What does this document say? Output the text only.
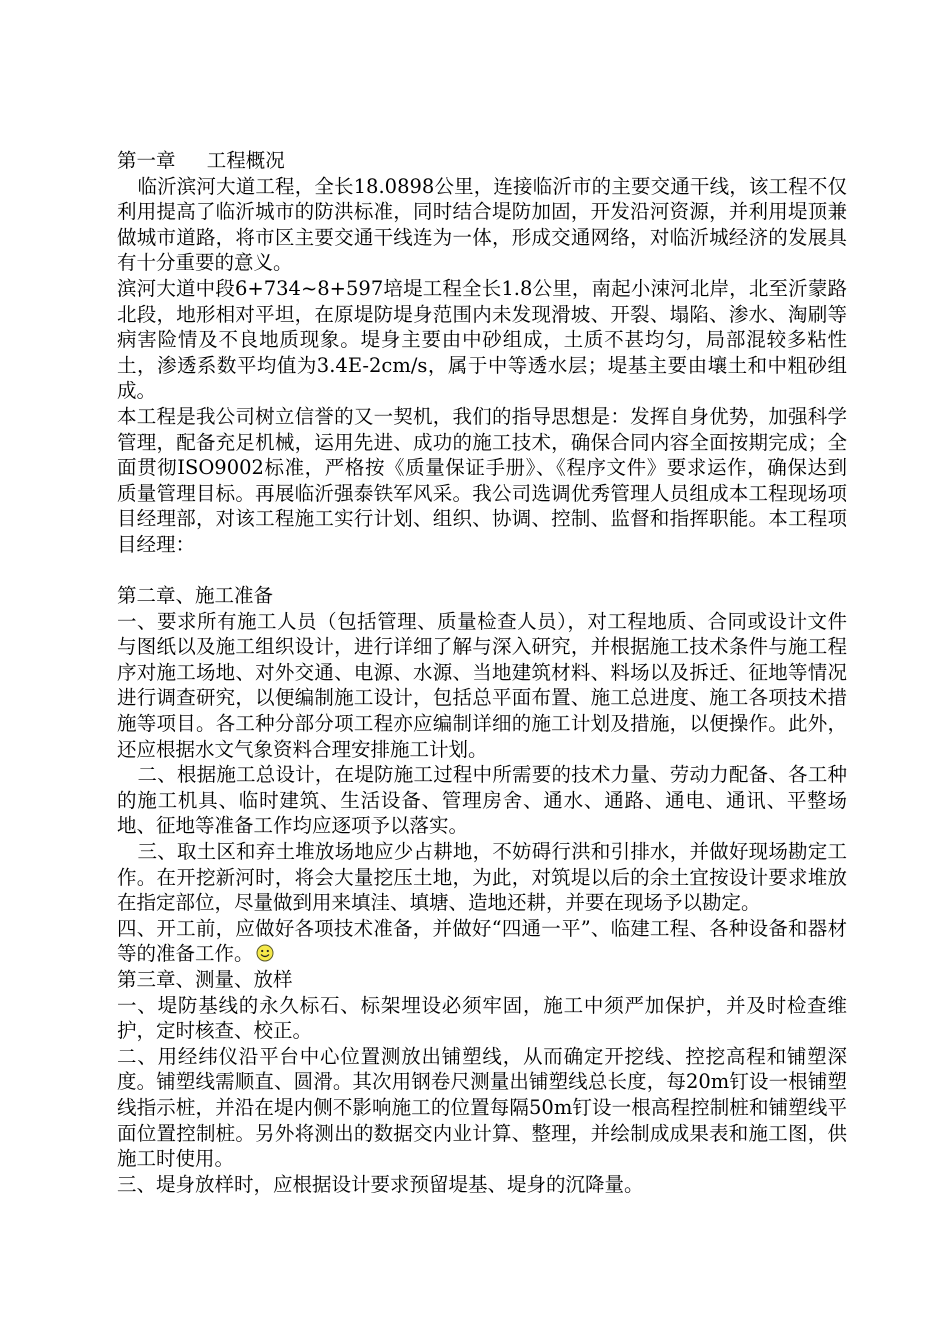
第一章 工程概况

临沂滨河大道工程，全长18.0898公里，连接临沂市的主要交通干线，该工程不仅利用提高了临沂城市的防洪标准，同时结合堤防加固，开发沿河资源，并利用堤顶兼做城市道路，将市区主要交通干线连为一体，形成交通网络，对临沂城经济的发展具有十分重要的意义。

滨河大道中段6+734~8+597培堤工程全长1.8公里，南起小涑河北岸，北至沂蒙路北段，地形相对平坦，在原堤防堤身范围内未发现滑坡、开裂、塌陷、渗水、淘刷等病害险情及不良地质现象。堤身主要由中砂组成，土质不甚均匀，局部混较多粘性土，渗透系数平均值为3.4E-2cm/s，属于中等透水层；堤基主要由壤土和中粗砂组成。

本工程是我公司树立信誉的又一契机，我们的指导思想是：发挥自身优势，加强科学管理，配备充足机械，运用先进、成功的施工技术，确保合同内容全面按期完成；全面贯彻ISO9002标准，严格按《质量保证手册》、《程序文件》要求运作，确保达到质量管理目标。再展临沂强泰铁军风采。我公司选调优秀管理人员组成本工程现场项目经理部，对该工程施工实行计划、组织、协调、控制、监督和指挥职能。本工程项目经理：

第二章、施工准备

一、要求所有施工人员（包括管理、质量检查人员），对工程地质、合同或设计文件与图纸以及施工组织设计，进行详细了解与深入研究，并根据施工技术条件与施工程序对施工场地、对外交通、电源、水源、当地建筑材料、料场以及拆迁、征地等情况进行调查研究，以便编制施工设计，包括总平面布置、施工总进度、施工各项技术措施等项目。各工种分部分项工程亦应编制详细的施工计划及措施，以便操作。此外，还应根据水文气象资料合理安排施工计划。

二、根据施工总设计，在堤防施工过程中所需要的技术力量、劳动力配备、各工种的施工机具、临时建筑、生活设备、管理房舍、通水、通路、通电、通讯、平整场地、征地等准备工作均应逐项予以落实。

三、取土区和弃土堆放场地应少占耕地，不妨碍行洪和引排水，并做好现场勘定工作。在开挖新河时，将会大量挖压土地，为此，对筑堤以后的余土宜按设计要求堆放在指定部位，尽量做到用来填洼、填塘、造地还耕，并要在现场予以勘定。

四、开工前，应做好各项技术准备，并做好“四通一平”、临建工程、各种设备和器材等的准备工作。

第三章、测量、放样

一、堤防基线的永久标石、标架埋设必须牢固，施工中须严加保护，并及时检查维护，定时核查、校正。

二、用经纬仪沿平台中心位置测放出铺塑线，从而确定开挖线、控挖高程和铺塑深度。铺塑线需顺直、圆滑。其次用钢卷尺测量出铺塑线总长度，每20m钉设一根铺塑线指示桩，并沿在堤内侧不影响施工的位置每隔50m钉设一根高程控制桩和铺塑线平面位置控制桩。另外将测出的数据交内业计算、整理，并绘制成成果表和施工图，供施工时使用。

三、堤身放样时，应根据设计要求预留堤基、堤身的沉降量。
